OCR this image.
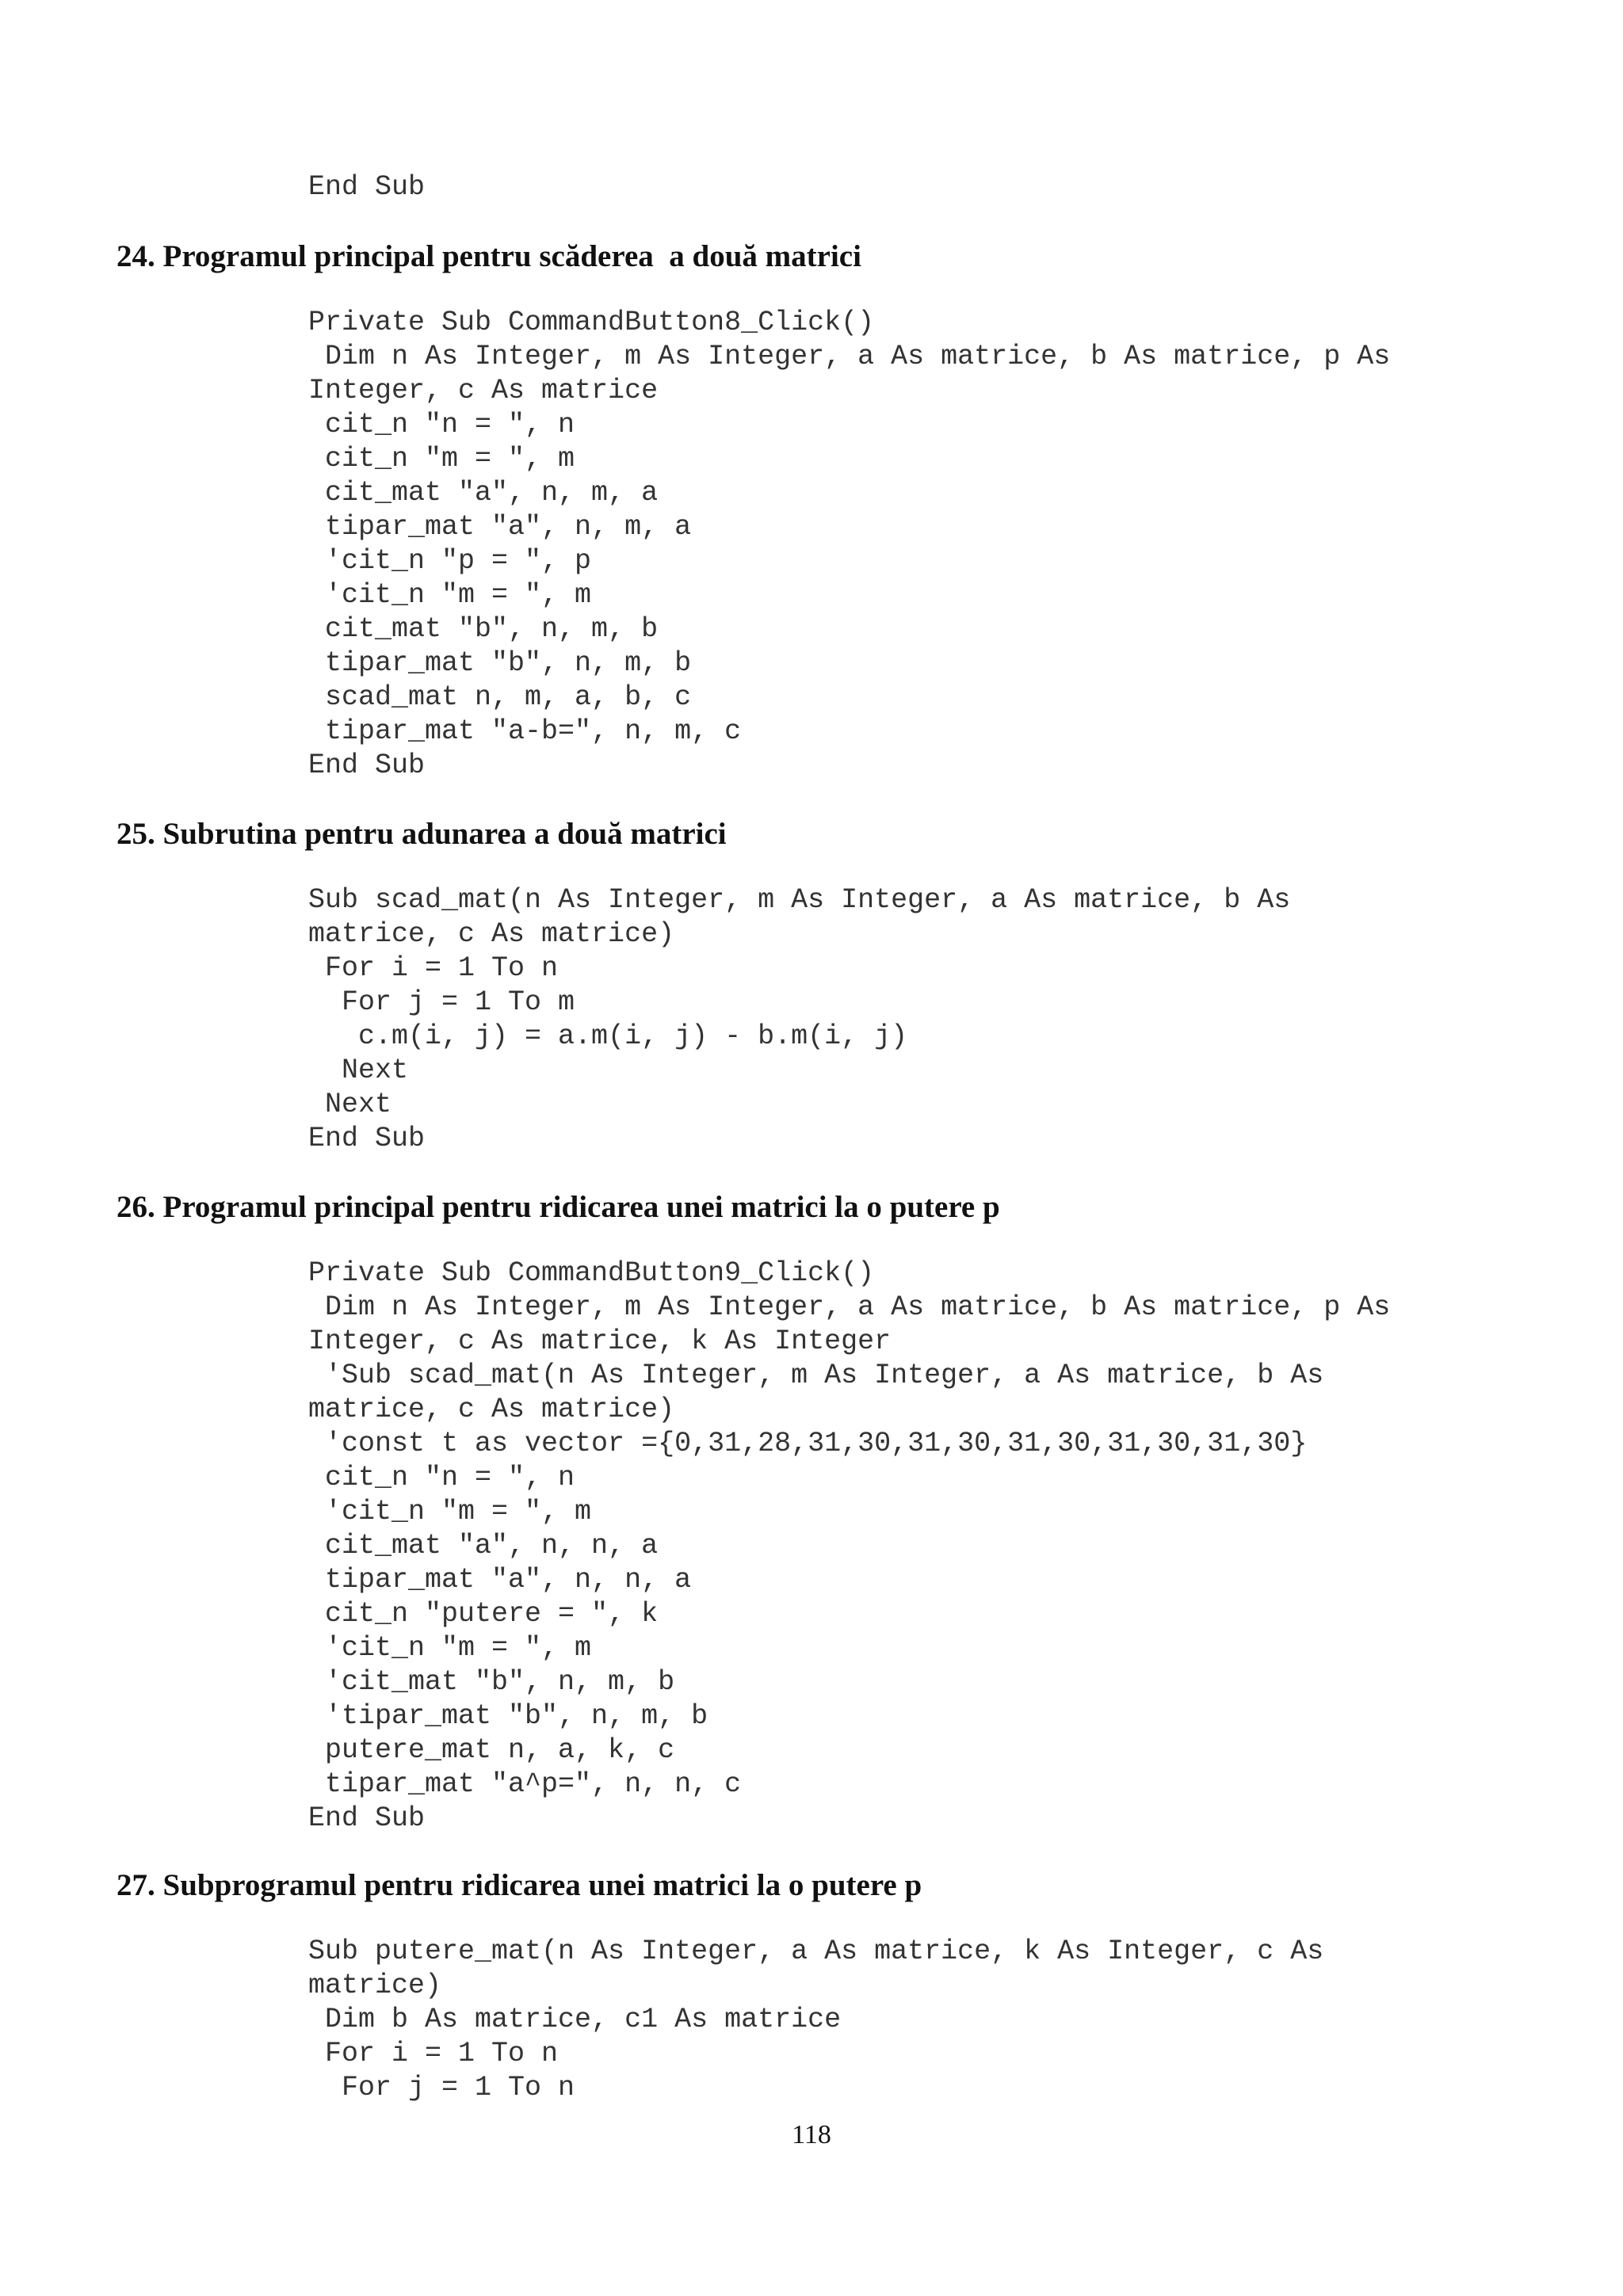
End Sub
24. Programul principal pentru scăderea  a două matrici
Private Sub CommandButton8_Click()
Dim n As Integer, m As Integer, a As matrice, b As matrice, p As
Integer, c As matrice
cit_n "n = ", n
cit_n "m = ", m
cit_mat "a", n, m, a
tipar_mat "a", n, m, a
'cit_n "p = ", p
'cit_n "m = ", m
cit_mat "b", n, m, b
tipar_mat "b", n, m, b
scad_mat n, m, a, b, c
tipar_mat "a-b=", n, m, c
End Sub
25. Subrutina pentru adunarea a două matrici
Sub scad_mat(n As Integer, m As Integer, a As matrice, b As
matrice, c As matrice)
For i = 1 To n
For j = 1 To m
c.m(i, j) = a.m(i, j) - b.m(i, j)
Next
Next
End Sub
26. Programul principal pentru ridicarea unei matrici la o putere p
Private Sub CommandButton9_Click()
Dim n As Integer, m As Integer, a As matrice, b As matrice, p As
Integer, c As matrice, k As Integer
'Sub scad_mat(n As Integer, m As Integer, a As matrice, b As
matrice, c As matrice)
'const t as vector ={0,31,28,31,30,31,30,31,30,31,30,31,30}
cit_n "n = ", n
'cit_n "m = ", m
cit_mat "a", n, n, a
tipar_mat "a", n, n, a
cit_n "putere = ", k
'cit_n "m = ", m
'cit_mat "b", n, m, b
'tipar_mat "b", n, m, b
putere_mat n, a, k, c
tipar_mat "a^p=", n, n, c
End Sub
27. Subprogramul pentru ridicarea unei matrici la o putere p
Sub putere_mat(n As Integer, a As matrice, k As Integer, c As
matrice)
Dim b As matrice, c1 As matrice
For i = 1 To n
For j = 1 To n
118
